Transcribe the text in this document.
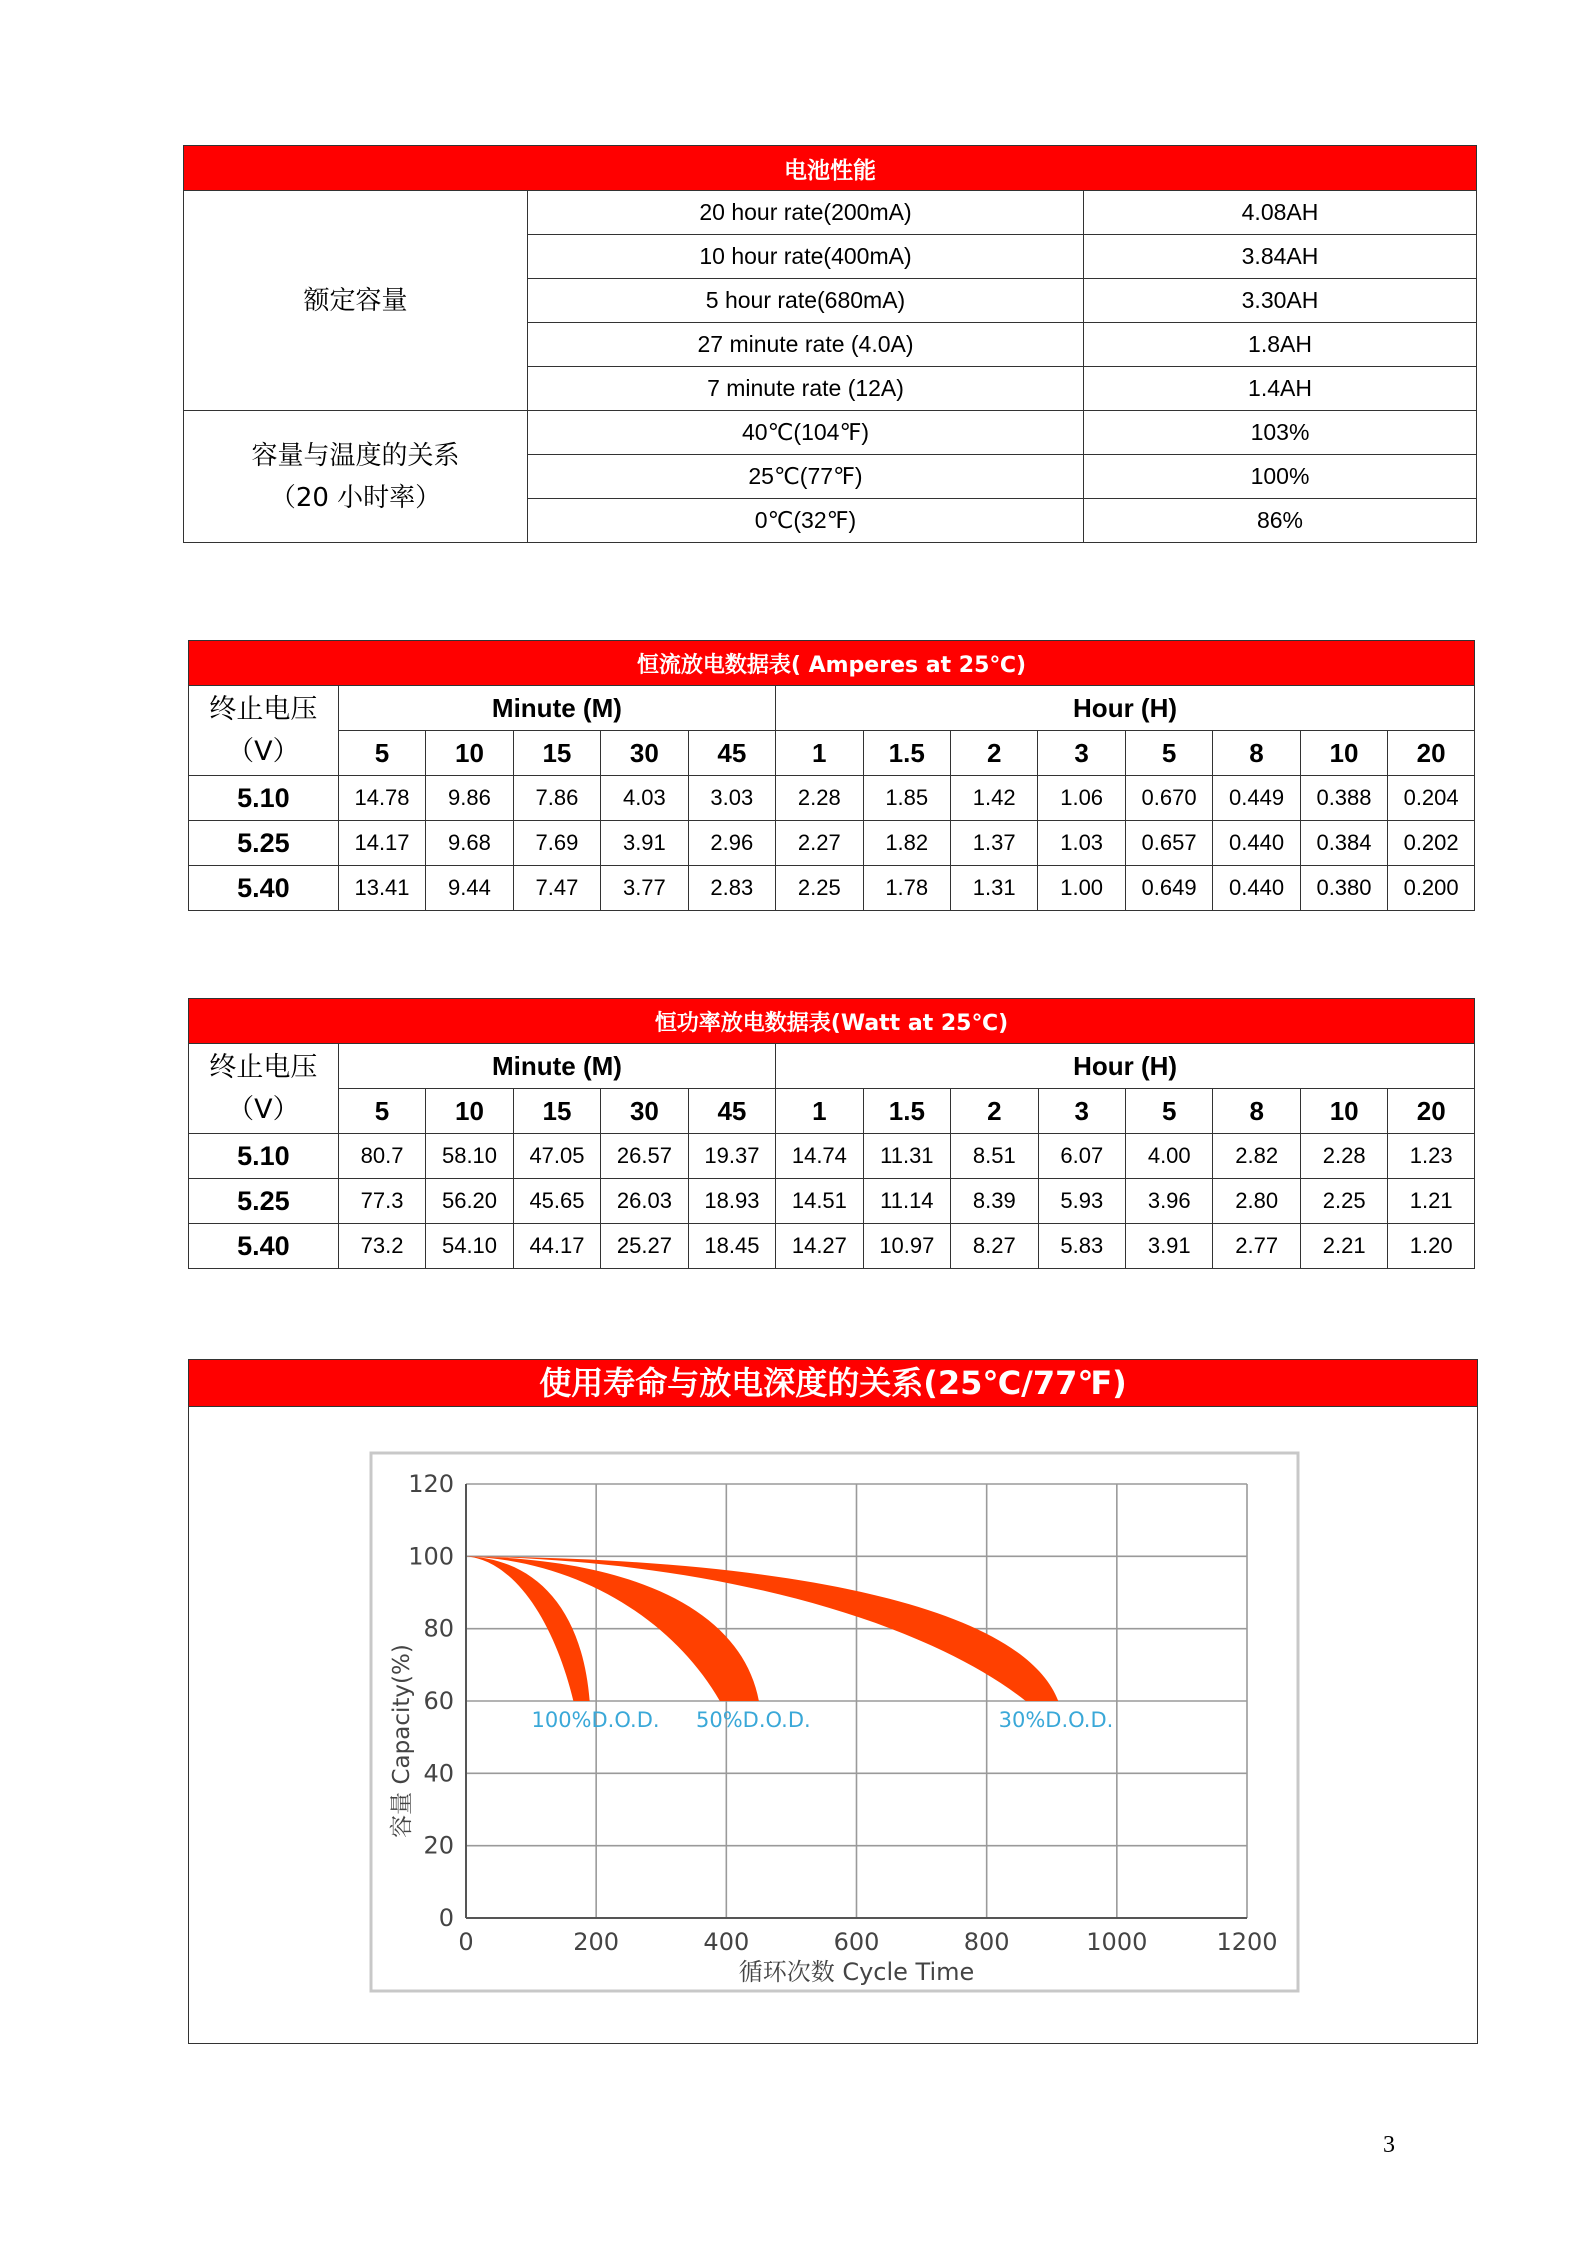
电池性能		
额定容量	20 hour rate(200mA)	4.08AH
	10 hour rate(400mA)	3.84AH
	5 hour rate(680mA)	3.30AH
	27 minute rate (4.0A)	1.8AH
	7 minute rate (12A)	1.4AH

容量与温度的关系
（20 小时率）	40℃(104℉)	103%
	25℃(77℉)	100%
	0℃(32℉)	86%
恒流放电数据表( Amperes at 25℃)													

终止电压
（V）	Minute (M)					Hour (H)							
	5	10	15	30	45	1	1.5	2	3	5	8	10	20
5.10	14.78	9.86	7.86	4.03	3.03	2.28	1.85	1.42	1.06	0.670	0.449	0.388	0.204
5.25	14.17	9.68	7.69	3.91	2.96	2.27	1.82	1.37	1.03	0.657	0.440	0.384	0.202
5.40	13.41	9.44	7.47	3.77	2.83	2.25	1.78	1.31	1.00	0.649	0.440	0.380	0.200
恒功率放电数据表(Watt at 25℃)													

终止电压
（V）	Minute (M)					Hour (H)							
	5	10	15	30	45	1	1.5	2	3	5	8	10	20
5.10	80.7	58.10	47.05	26.57	19.37	14.74	11.31	8.51	6.07	4.00	2.82	2.28	1.23
5.25	77.3	56.20	45.65	26.03	18.93	14.51	11.14	8.39	5.93	3.96	2.80	2.25	1.21
5.40	73.2	54.10	44.17	25.27	18.45	14.27	10.97	8.27	5.83	3.91	2.77	2.21	1.20
使用寿命与放电深度的关系(25℃/77℉)
0	200	400	600	800	1000	1200
0
20
40
60
80
100
120
循环次数 Cycle Time
容量 Capacity(%)	100%D.O.D. 50%D.O.D.	30%D.O.D.
3
